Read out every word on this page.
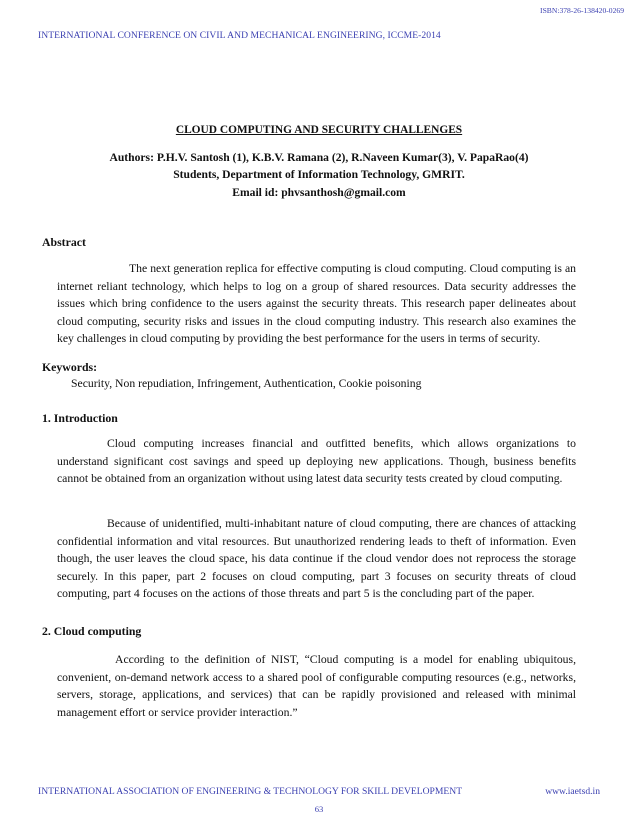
ISBN:378-26-138420-0269
INTERNATIONAL CONFERENCE ON CIVIL AND MECHANICAL ENGINEERING, ICCME-2014
CLOUD COMPUTING AND SECURITY CHALLENGES
Authors: P.H.V. Santosh (1), K.B.V. Ramana (2), R.Naveen Kumar(3), V. PapaRao(4)
Students, Department of Information Technology, GMRIT.
Email id: phvsanthosh@gmail.com
Abstract

The next generation replica for effective computing is cloud computing. Cloud computing is an internet reliant technology, which helps to log on a group of shared resources. Data security addresses the issues which bring confidence to the users against the security threats. This research paper delineates about cloud computing, security risks and issues in the cloud computing industry. This research also examines the key challenges in cloud computing by providing the best performance for the users in terms of security.

Keywords:
Security, Non repudiation, Infringement, Authentication, Cookie poisoning
1. Introduction

Cloud computing increases financial and outfitted benefits, which allows organizations to understand significant cost savings and speed up deploying new applications. Though, business benefits cannot be obtained from an organization without using latest data security tests created by cloud computing.

Because of unidentified, multi-inhabitant nature of cloud computing, there are chances of attacking confidential information and vital resources. But unauthorized rendering leads to theft of information. Even though, the user leaves the cloud space, his data continue if the cloud vendor does not reprocess the storage securely. In this paper, part 2 focuses on cloud computing, part 3 focuses on security threats of cloud computing, part 4 focuses on the actions of those threats and part 5 is the concluding part of the paper.

2. Cloud computing

According to the definition of NIST, “Cloud computing is a model for enabling ubiquitous, convenient, on-demand network access to a shared pool of configurable computing resources (e.g., networks, servers, storage, applications, and services) that can be rapidly provisioned and released with minimal management effort or service provider interaction.”

INTERNATIONAL ASSOCIATION OF ENGINEERING & TECHNOLOGY FOR SKILL DEVELOPMENT	www.iaetsd.in
63
